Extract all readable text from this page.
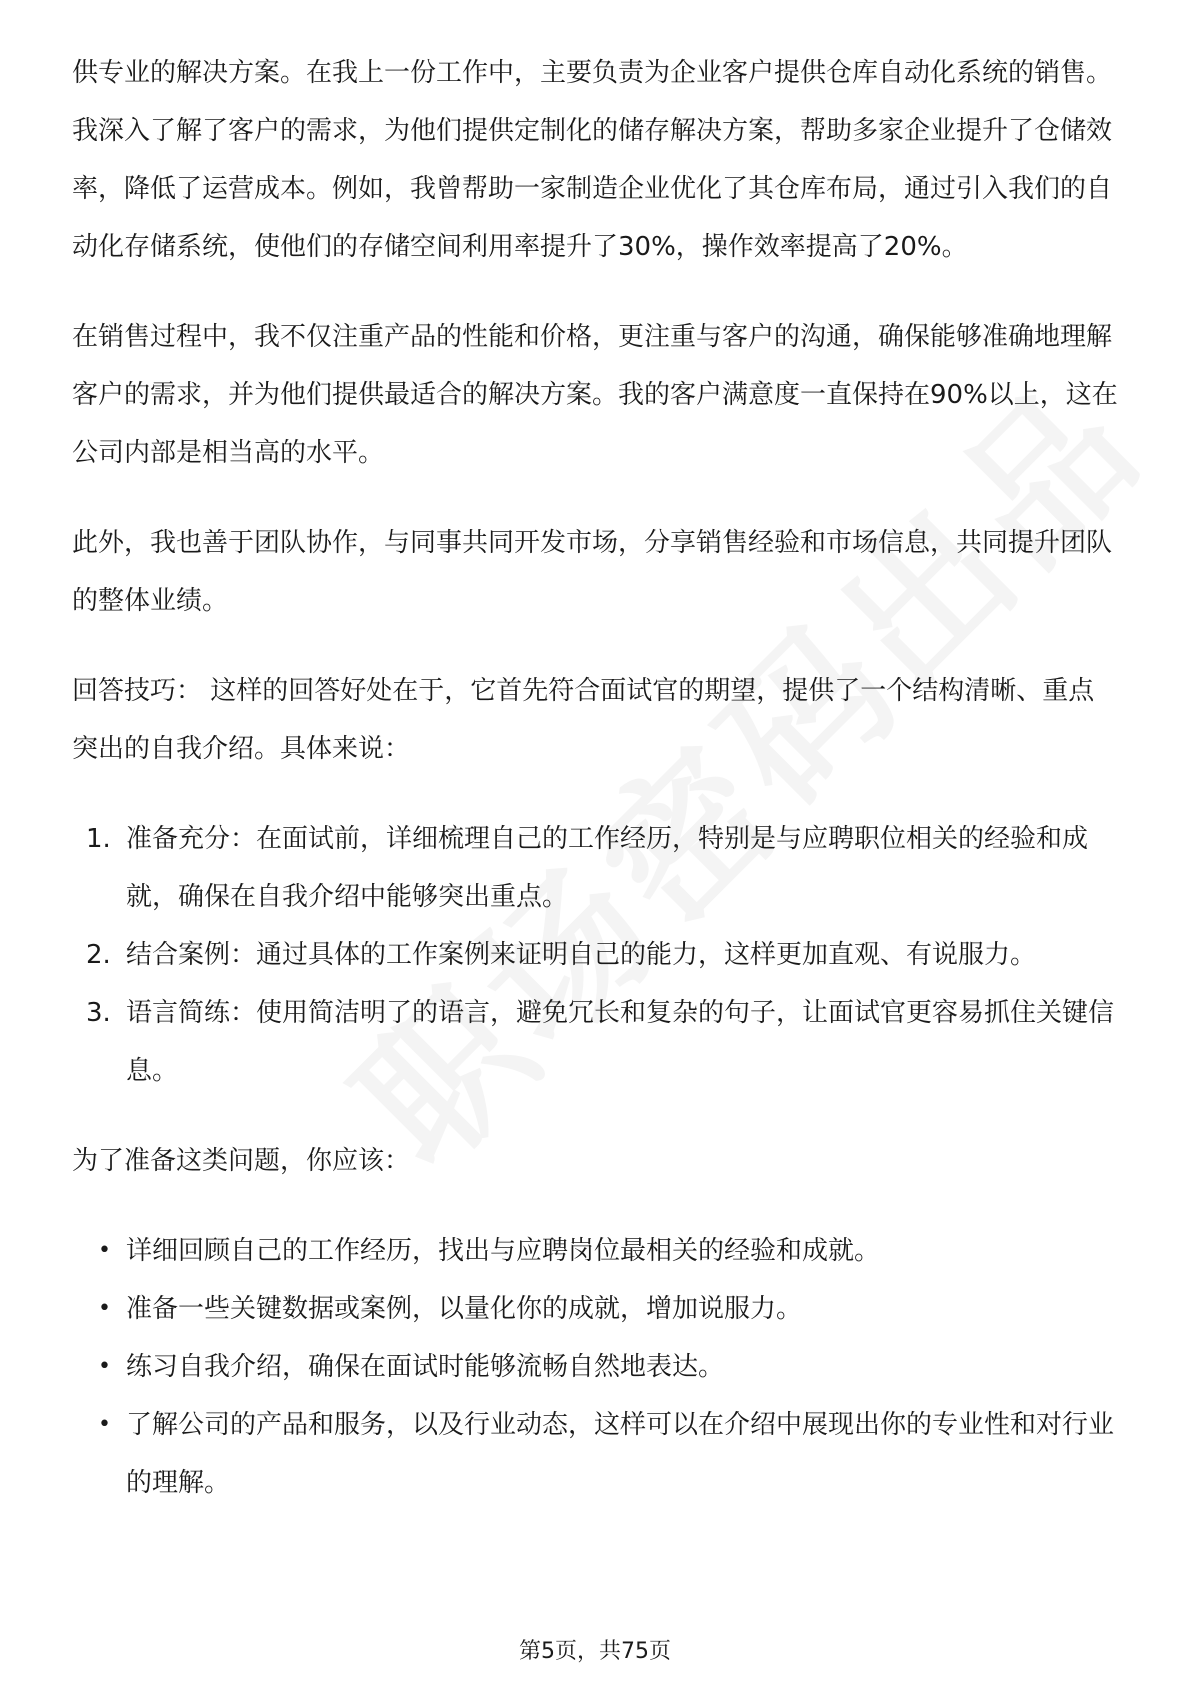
供专业的解决方案。在我上一份工作中，主要负责为企业客户提供仓库自动化系统的销售。我深入了解了客户的需求，为他们提供定制化的储存解决方案，帮助多家企业提升了仓储效率，降低了运营成本。例如，我曾帮助一家制造企业优化了其仓库布局，通过引入我们的自动化存储系统，使他们的存储空间利用率提升了30%，操作效率提高了20%。

在销售过程中，我不仅注重产品的性能和价格，更注重与客户的沟通，确保能够准确地理解客户的需求，并为他们提供最适合的解决方案。我的客户满意度一直保持在90%以上，这在公司内部是相当高的水平。

此外，我也善于团队协作，与同事共同开发市场，分享销售经验和市场信息，共同提升团队的整体业绩。

回答技巧： 这样的回答好处在于，它首先符合面试官的期望，提供了一个结构清晰、重点突出的自我介绍。具体来说：

1. 准备充分：在面试前，详细梳理自己的工作经历，特别是与应聘职位相关的经验和成就，确保在自我介绍中能够突出重点。
2. 结合案例：通过具体的工作案例来证明自己的能力，这样更加直观、有说服力。
3. 语言简练：使用简洁明了的语言，避免冗长和复杂的句子，让面试官更容易抓住关键信息。

为了准备这类问题，你应该：

• 详细回顾自己的工作经历，找出与应聘岗位最相关的经验和成就。
• 准备一些关键数据或案例，以量化你的成就，增加说服力。
• 练习自我介绍，确保在面试时能够流畅自然地表达。
• 了解公司的产品和服务，以及行业动态，这样可以在介绍中展现出你的专业性和对行业的理解。
第5页，共75页
